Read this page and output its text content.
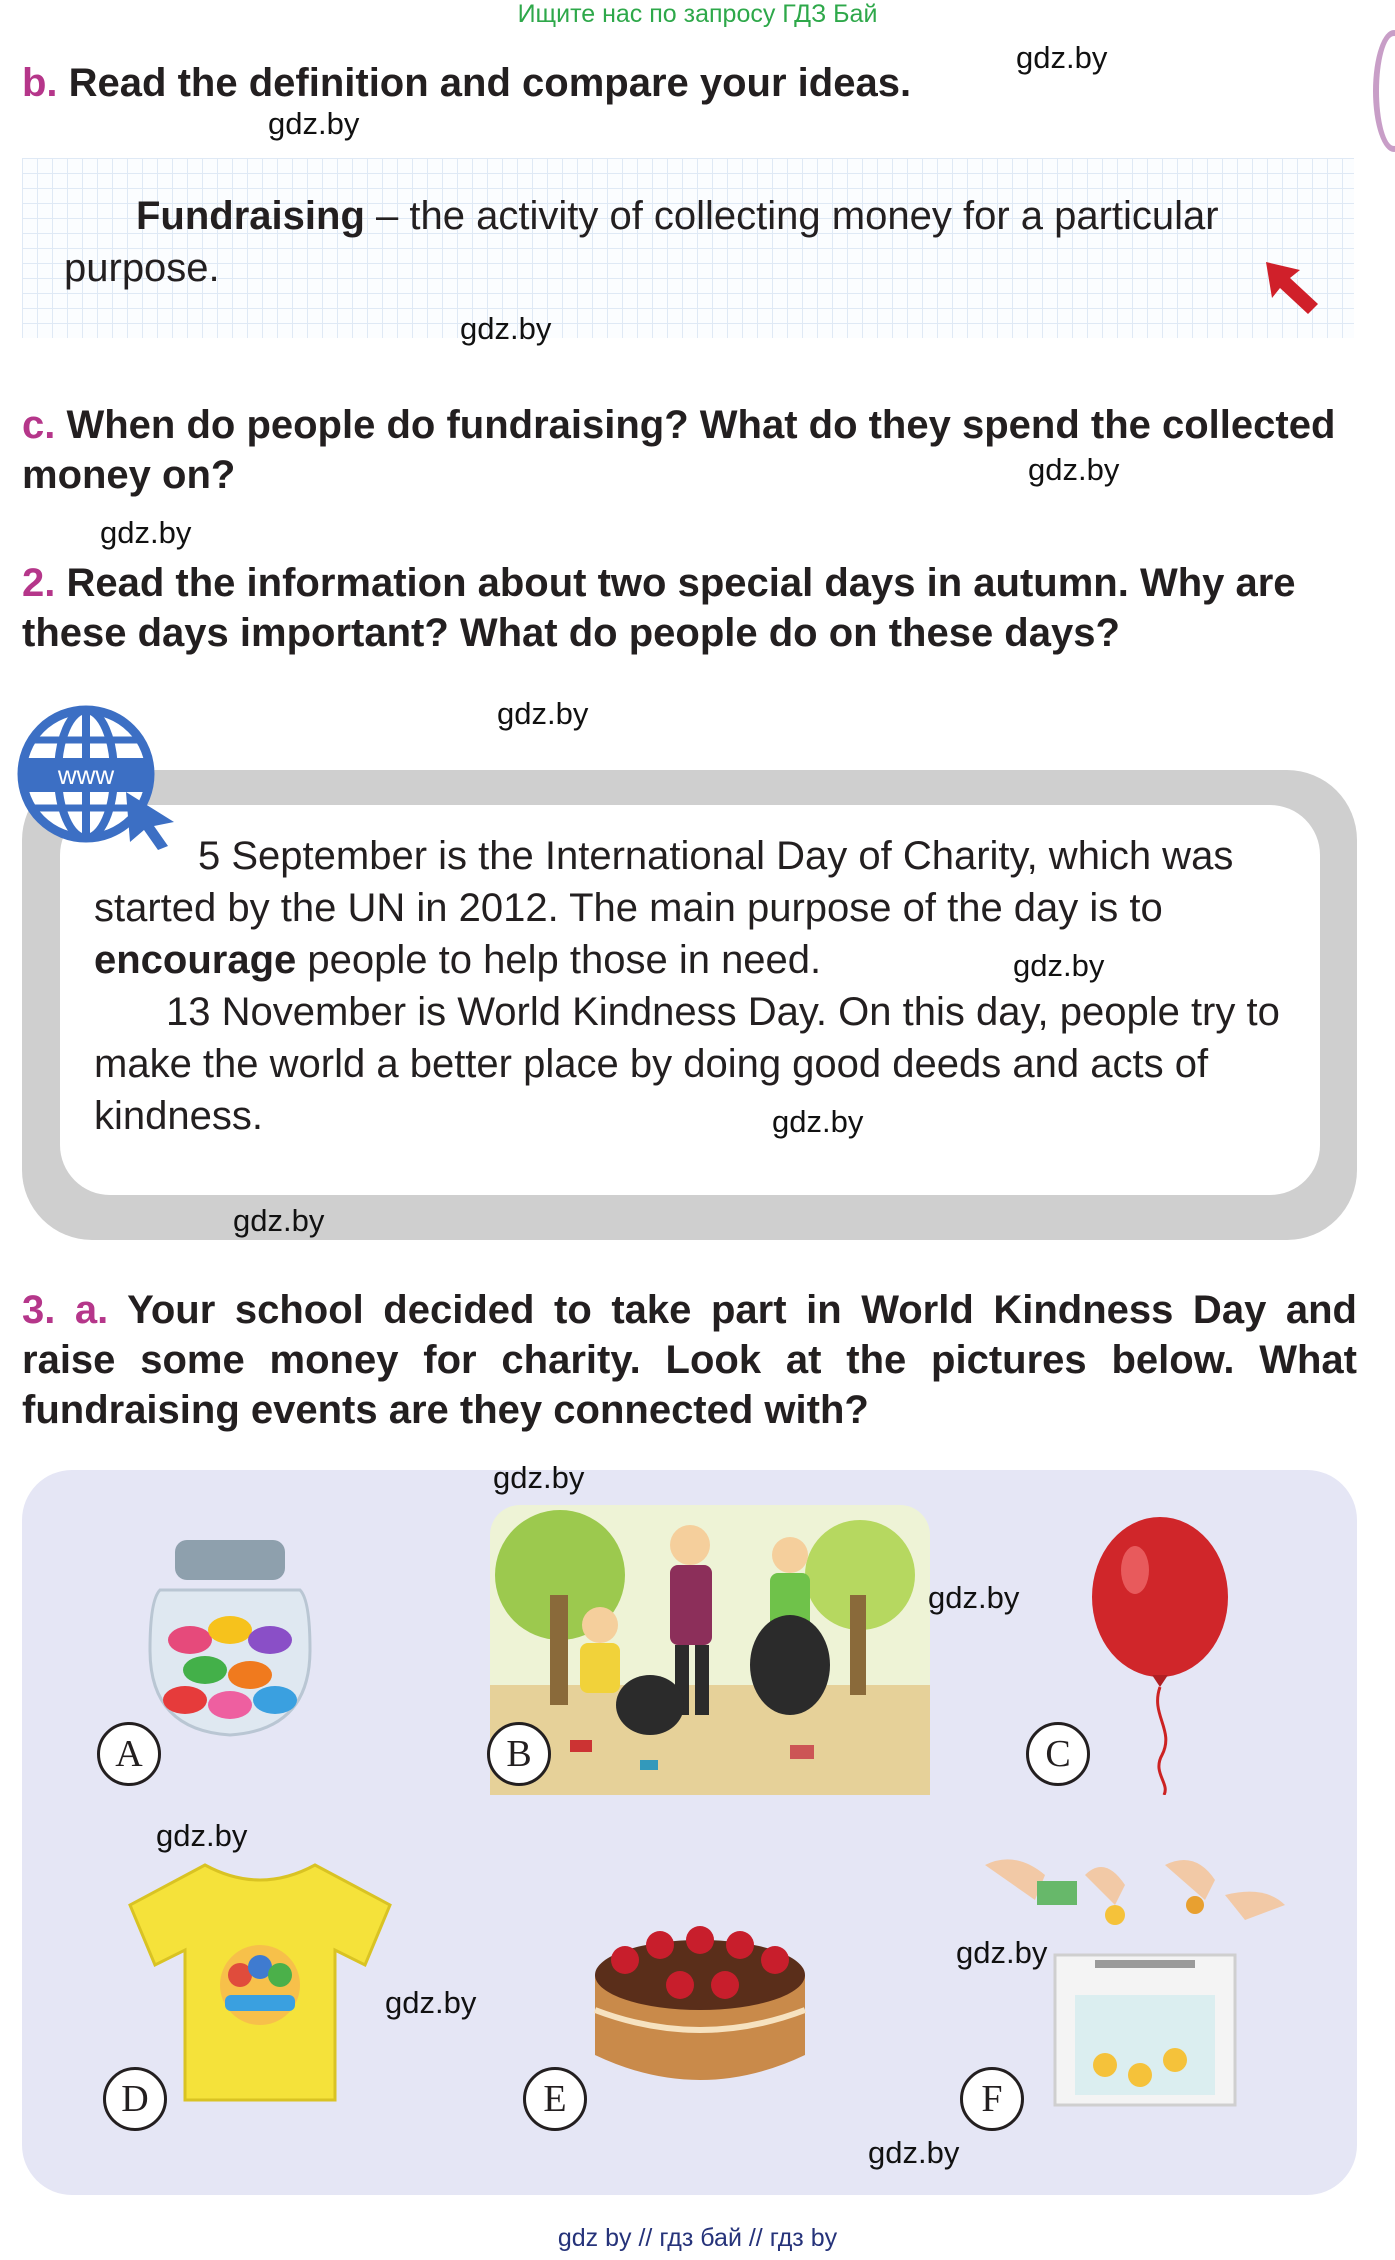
Ищите нас по запросу ГДЗ Бай
b. Read the definition and compare your ideas.
Fundraising – the activity of collecting money for a particular purpose.
c. When do people do fundraising? What do they spend the collected money on?
2. Read the information about two special days in autumn. Why are these days important? What do people do on these days?
www

5 September is the International Day of Charity, which was started by the UN in 2012. The main purpose of the day is to encourage people to help those in need.

13 November is World Kindness Day. On this day, people try to make the world a better place by doing good deeds and acts of kindness.

3. a. Your school decided to take part in World Kindness Day and raise some money for charity. Look at the pictures below. What fundraising events are they connected with?
A	B	C
D	E	F
gdz.by
gdz.by
gdz.by
gdz.by
gdz.by
gdz.by
gdz.by
gdz.by
gdz.by
gdz.by
gdz.by
gdz.by
gdz.by
gdz.by
gdz.by
gdz by // гдз бай // гдз by
